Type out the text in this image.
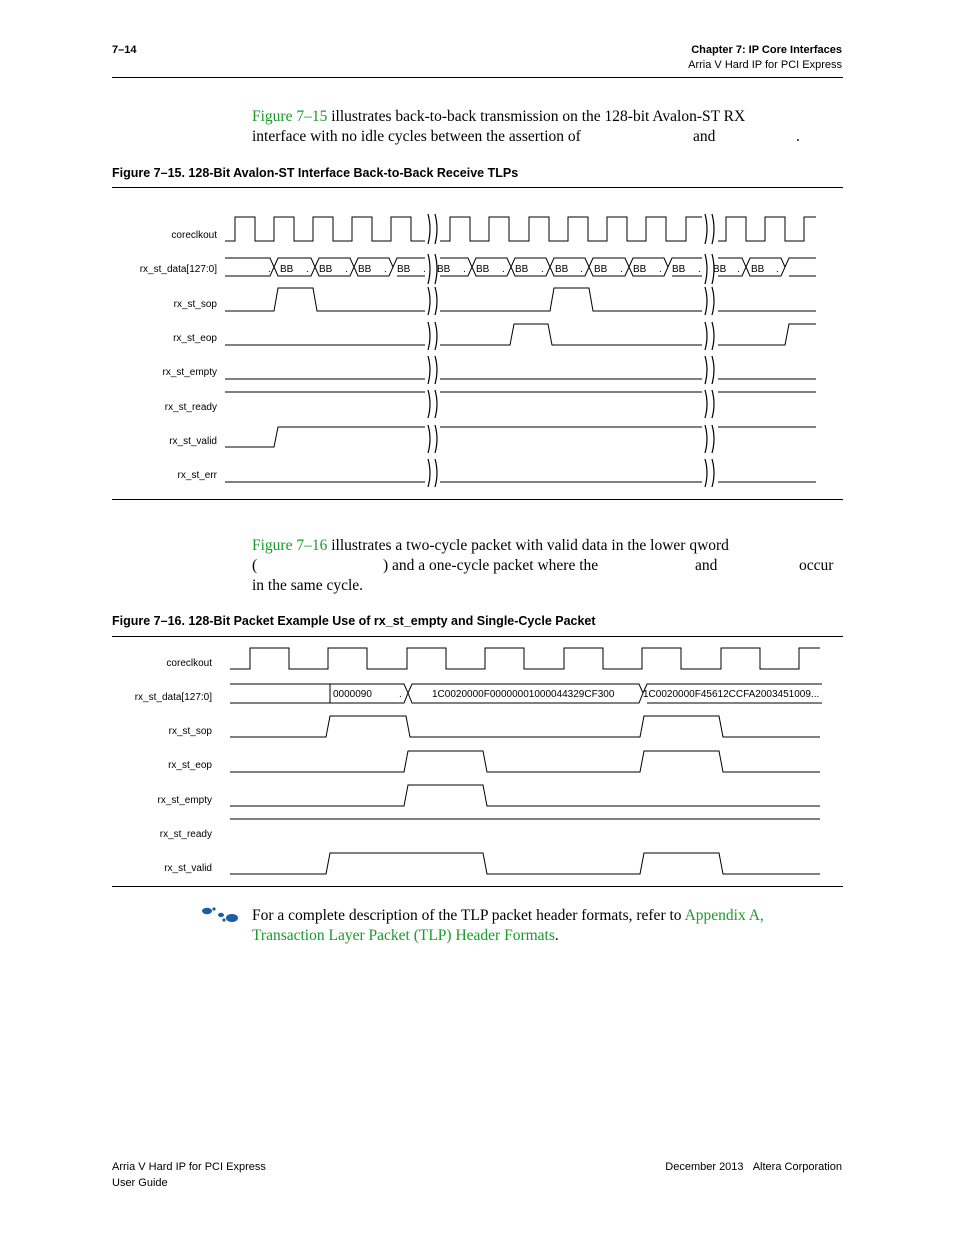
7–14	Chapter 7: IP Core Interfaces
Arria V Hard IP for PCI Express
Figure 7–15 illustrates back-to-back transmission on the 128-bit Avalon-ST RX
interface with no idle cycles between the assertion of	and	.
Figure 7–15. 128-Bit Avalon-ST Interface Back-to-Back Receive TLPs
coreclkout
rx_st_data[127:0]
rx_st_sop
rx_st_eop
rx_st_empty
rx_st_ready
rx_st_valid
rx_st_err
. BB . BB . BB . BB . BB . BB . BB . BB . BB . BB . BB . BB . BB .
coreclkout
rx_st_data[127:0]
rx_st_sop
rx_st_eop
rx_st_empty
rx_st_ready
rx_st_valid
0000090	.	1C0020000F00000001000044329CF300	1C0020000F45612CCFA2003451009...
Figure 7–16 illustrates a two-cycle packet with valid data in the lower qword
(	) and a one-cycle packet where the	and	occur
in the same cycle.
Figure 7–16. 128-Bit Packet Example Use of rx_st_empty and Single-Cycle Packet
For a complete description of the TLP packet header formats, refer to Appendix A,
Transaction Layer Packet (TLP) Header Formats.
Arria V Hard IP for PCI Express
User Guide
December 2013 Altera Corporation
